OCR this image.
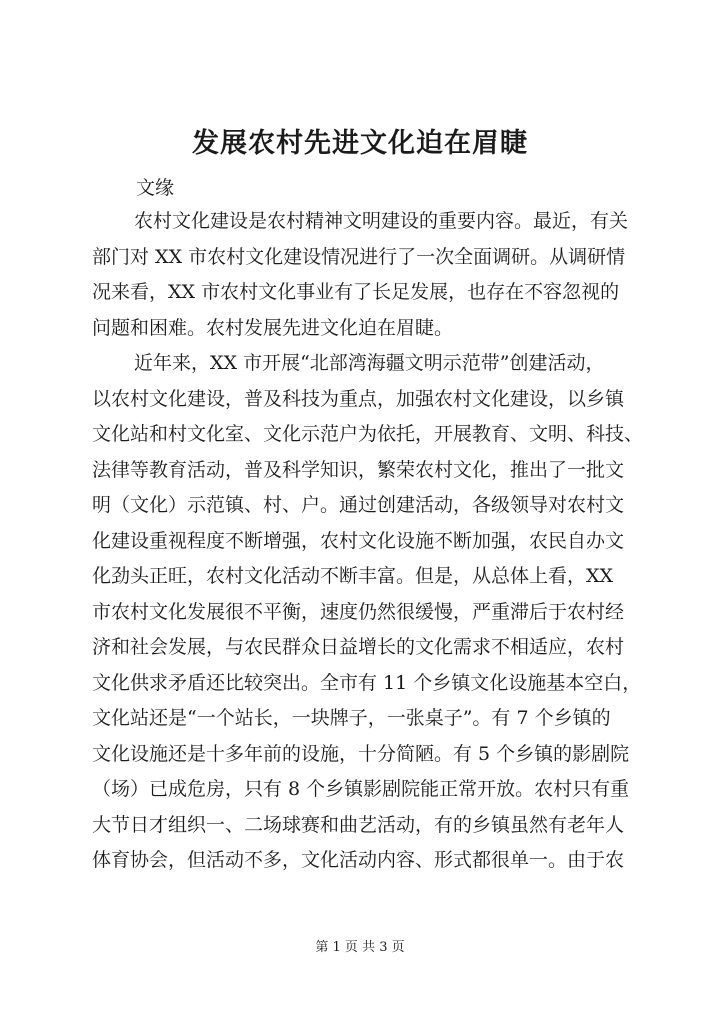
发展农村先进文化迫在眉睫
文缘
农村文化建设是农村精神文明建设的重要内容。最近，有关
部门对 XX 市农村文化建设情况进行了一次全面调研。从调研情
况来看，XX 市农村文化事业有了长足发展，也存在不容忽视的
问题和困难。农村发展先进文化迫在眉睫。
近年来，XX 市开展“北部湾海疆文明示范带”创建活动，
以农村文化建设，普及科技为重点，加强农村文化建设，以乡镇
文化站和村文化室、文化示范户为依托，开展教育、文明、科技、
法律等教育活动，普及科学知识，繁荣农村文化，推出了一批文
明（文化）示范镇、村、户。通过创建活动，各级领导对农村文
化建设重视程度不断增强，农村文化设施不断加强，农民自办文
化劲头正旺，农村文化活动不断丰富。但是，从总体上看，XX
市农村文化发展很不平衡，速度仍然很缓慢，严重滞后于农村经
济和社会发展，与农民群众日益增长的文化需求不相适应，农村
文化供求矛盾还比较突出。全市有 11 个乡镇文化设施基本空白，
文化站还是“一个站长，一块牌子，一张桌子”。有 7 个乡镇的
文化设施还是十多年前的设施，十分简陋。有 5 个乡镇的影剧院
（场）已成危房，只有 8 个乡镇影剧院能正常开放。农村只有重
大节日才组织一、二场球赛和曲艺活动，有的乡镇虽然有老年人
体育协会，但活动不多，文化活动内容、形式都很单一。由于农
第 1 页 共 3 页
